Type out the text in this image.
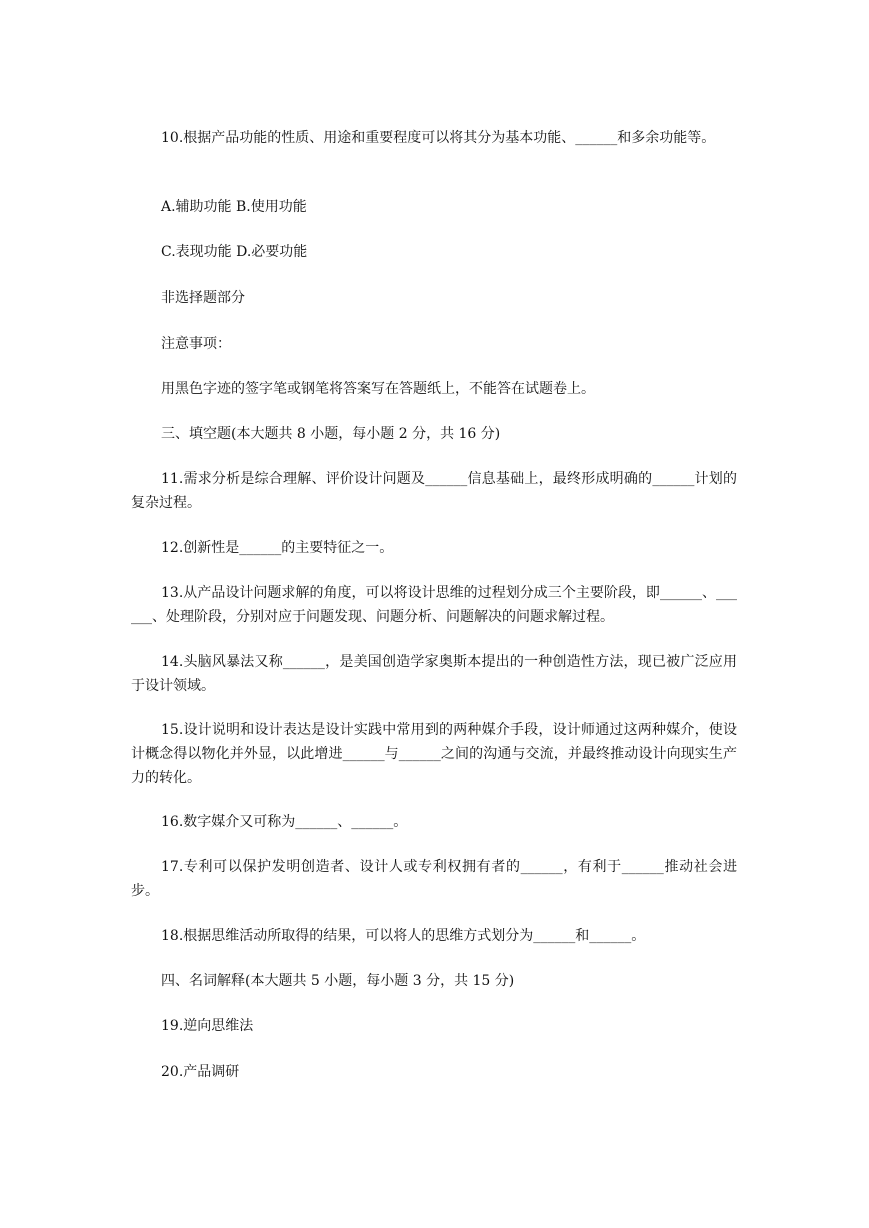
10.根据产品功能的性质、用途和重要程度可以将其分为基本功能、______和多余功能等。

A.辅助功能 B.使用功能

C.表现功能 D.必要功能

非选择题部分

注意事项：

用黑色字迹的签字笔或钢笔将答案写在答题纸上，不能答在试题卷上。

三、填空题(本大题共 8 小题，每小题 2 分，共 16 分)

11.需求分析是综合理解、评价设计问题及______信息基础上，最终形成明确的______计划的复杂过程。

12.创新性是______的主要特征之一。

13.从产品设计问题求解的角度，可以将设计思维的过程划分成三个主要阶段，即______、______、处理阶段，分别对应于问题发现、问题分析、问题解决的问题求解过程。

14.头脑风暴法又称______，是美国创造学家奥斯本提出的一种创造性方法，现已被广泛应用于设计领域。

15.设计说明和设计表达是设计实践中常用到的两种媒介手段，设计师通过这两种媒介，使设计概念得以物化并外显，以此增进______与______之间的沟通与交流，并最终推动设计向现实生产力的转化。

16.数字媒介又可称为______、______。

17.专利可以保护发明创造者、设计人或专利权拥有者的______，有利于______推动社会进步。

18.根据思维活动所取得的结果，可以将人的思维方式划分为______和______。

四、名词解释(本大题共 5 小题，每小题 3 分，共 15 分)

19.逆向思维法

20.产品调研
